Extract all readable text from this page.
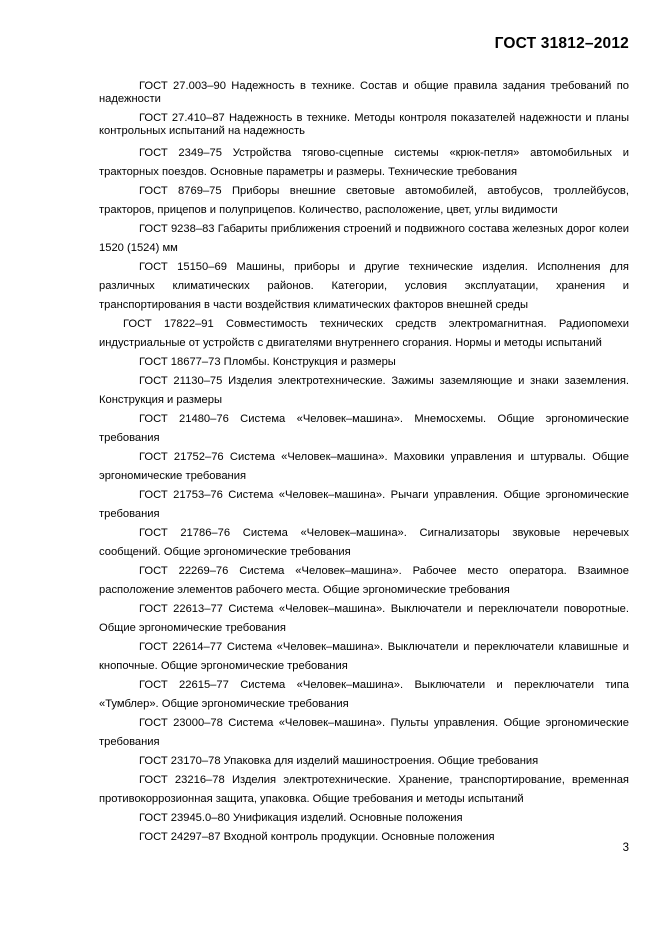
ГОСТ 31812–2012

ГОСТ 27.003–90 Надежность в технике. Состав и общие правила задания требований по надежности

ГОСТ 27.410–87 Надежность в технике. Методы контроля показателей надежности и планы контрольных испытаний на надежность

ГОСТ 2349–75 Устройства тягово-сцепные системы «крюк-петля» автомобильных и тракторных поездов. Основные параметры и размеры. Технические требования

ГОСТ 8769–75 Приборы внешние световые автомобилей, автобусов, троллейбусов, тракторов, прицепов и полуприцепов. Количество, расположение, цвет, углы видимости

ГОСТ 9238–83 Габариты приближения строений и подвижного состава железных дорог колеи 1520 (1524) мм

ГОСТ 15150–69 Машины, приборы и другие технические изделия. Исполнения для различных климатических районов. Категории, условия эксплуатации, хранения и транспортирования в части воздействия климатических факторов внешней среды

ГОСТ 17822–91 Совместимость технических средств электромагнитная. Радиопомехи индустриальные от устройств с двигателями внутреннего сгорания. Нормы и методы испытаний

ГОСТ 18677–73 Пломбы. Конструкция и размеры

ГОСТ 21130–75 Изделия электротехнические. Зажимы заземляющие и знаки заземления. Конструкция и размеры

ГОСТ 21480–76 Система «Человек–машина». Мнемосхемы. Общие эргономические требования

ГОСТ 21752–76 Система «Человек–машина». Маховики управления и штурвалы. Общие эргономические требования

ГОСТ 21753–76 Система «Человек–машина». Рычаги управления. Общие эргономические требования

ГОСТ 21786–76 Система «Человек–машина». Сигнализаторы звуковые неречевых сообщений. Общие эргономические требования

ГОСТ 22269–76 Система «Человек–машина». Рабочее место оператора. Взаимное расположение элементов рабочего места. Общие эргономические требования

ГОСТ 22613–77 Система «Человек–машина». Выключатели и переключатели поворотные. Общие эргономические требования

ГОСТ 22614–77 Система «Человек–машина». Выключатели и переключатели клавишные и кнопочные. Общие эргономические требования

ГОСТ 22615–77 Система «Человек–машина». Выключатели и переключатели типа «Тумблер». Общие эргономические требования

ГОСТ 23000–78 Система «Человек–машина». Пульты управления. Общие эргономические требования

ГОСТ 23170–78 Упаковка для изделий машиностроения. Общие требования

ГОСТ 23216–78 Изделия электротехнические. Хранение, транспортирование, временная противокоррозионная защита, упаковка. Общие требования и методы испытаний

ГОСТ 23945.0–80 Унификация изделий. Основные положения

ГОСТ 24297–87 Входной контроль продукции. Основные положения

3
